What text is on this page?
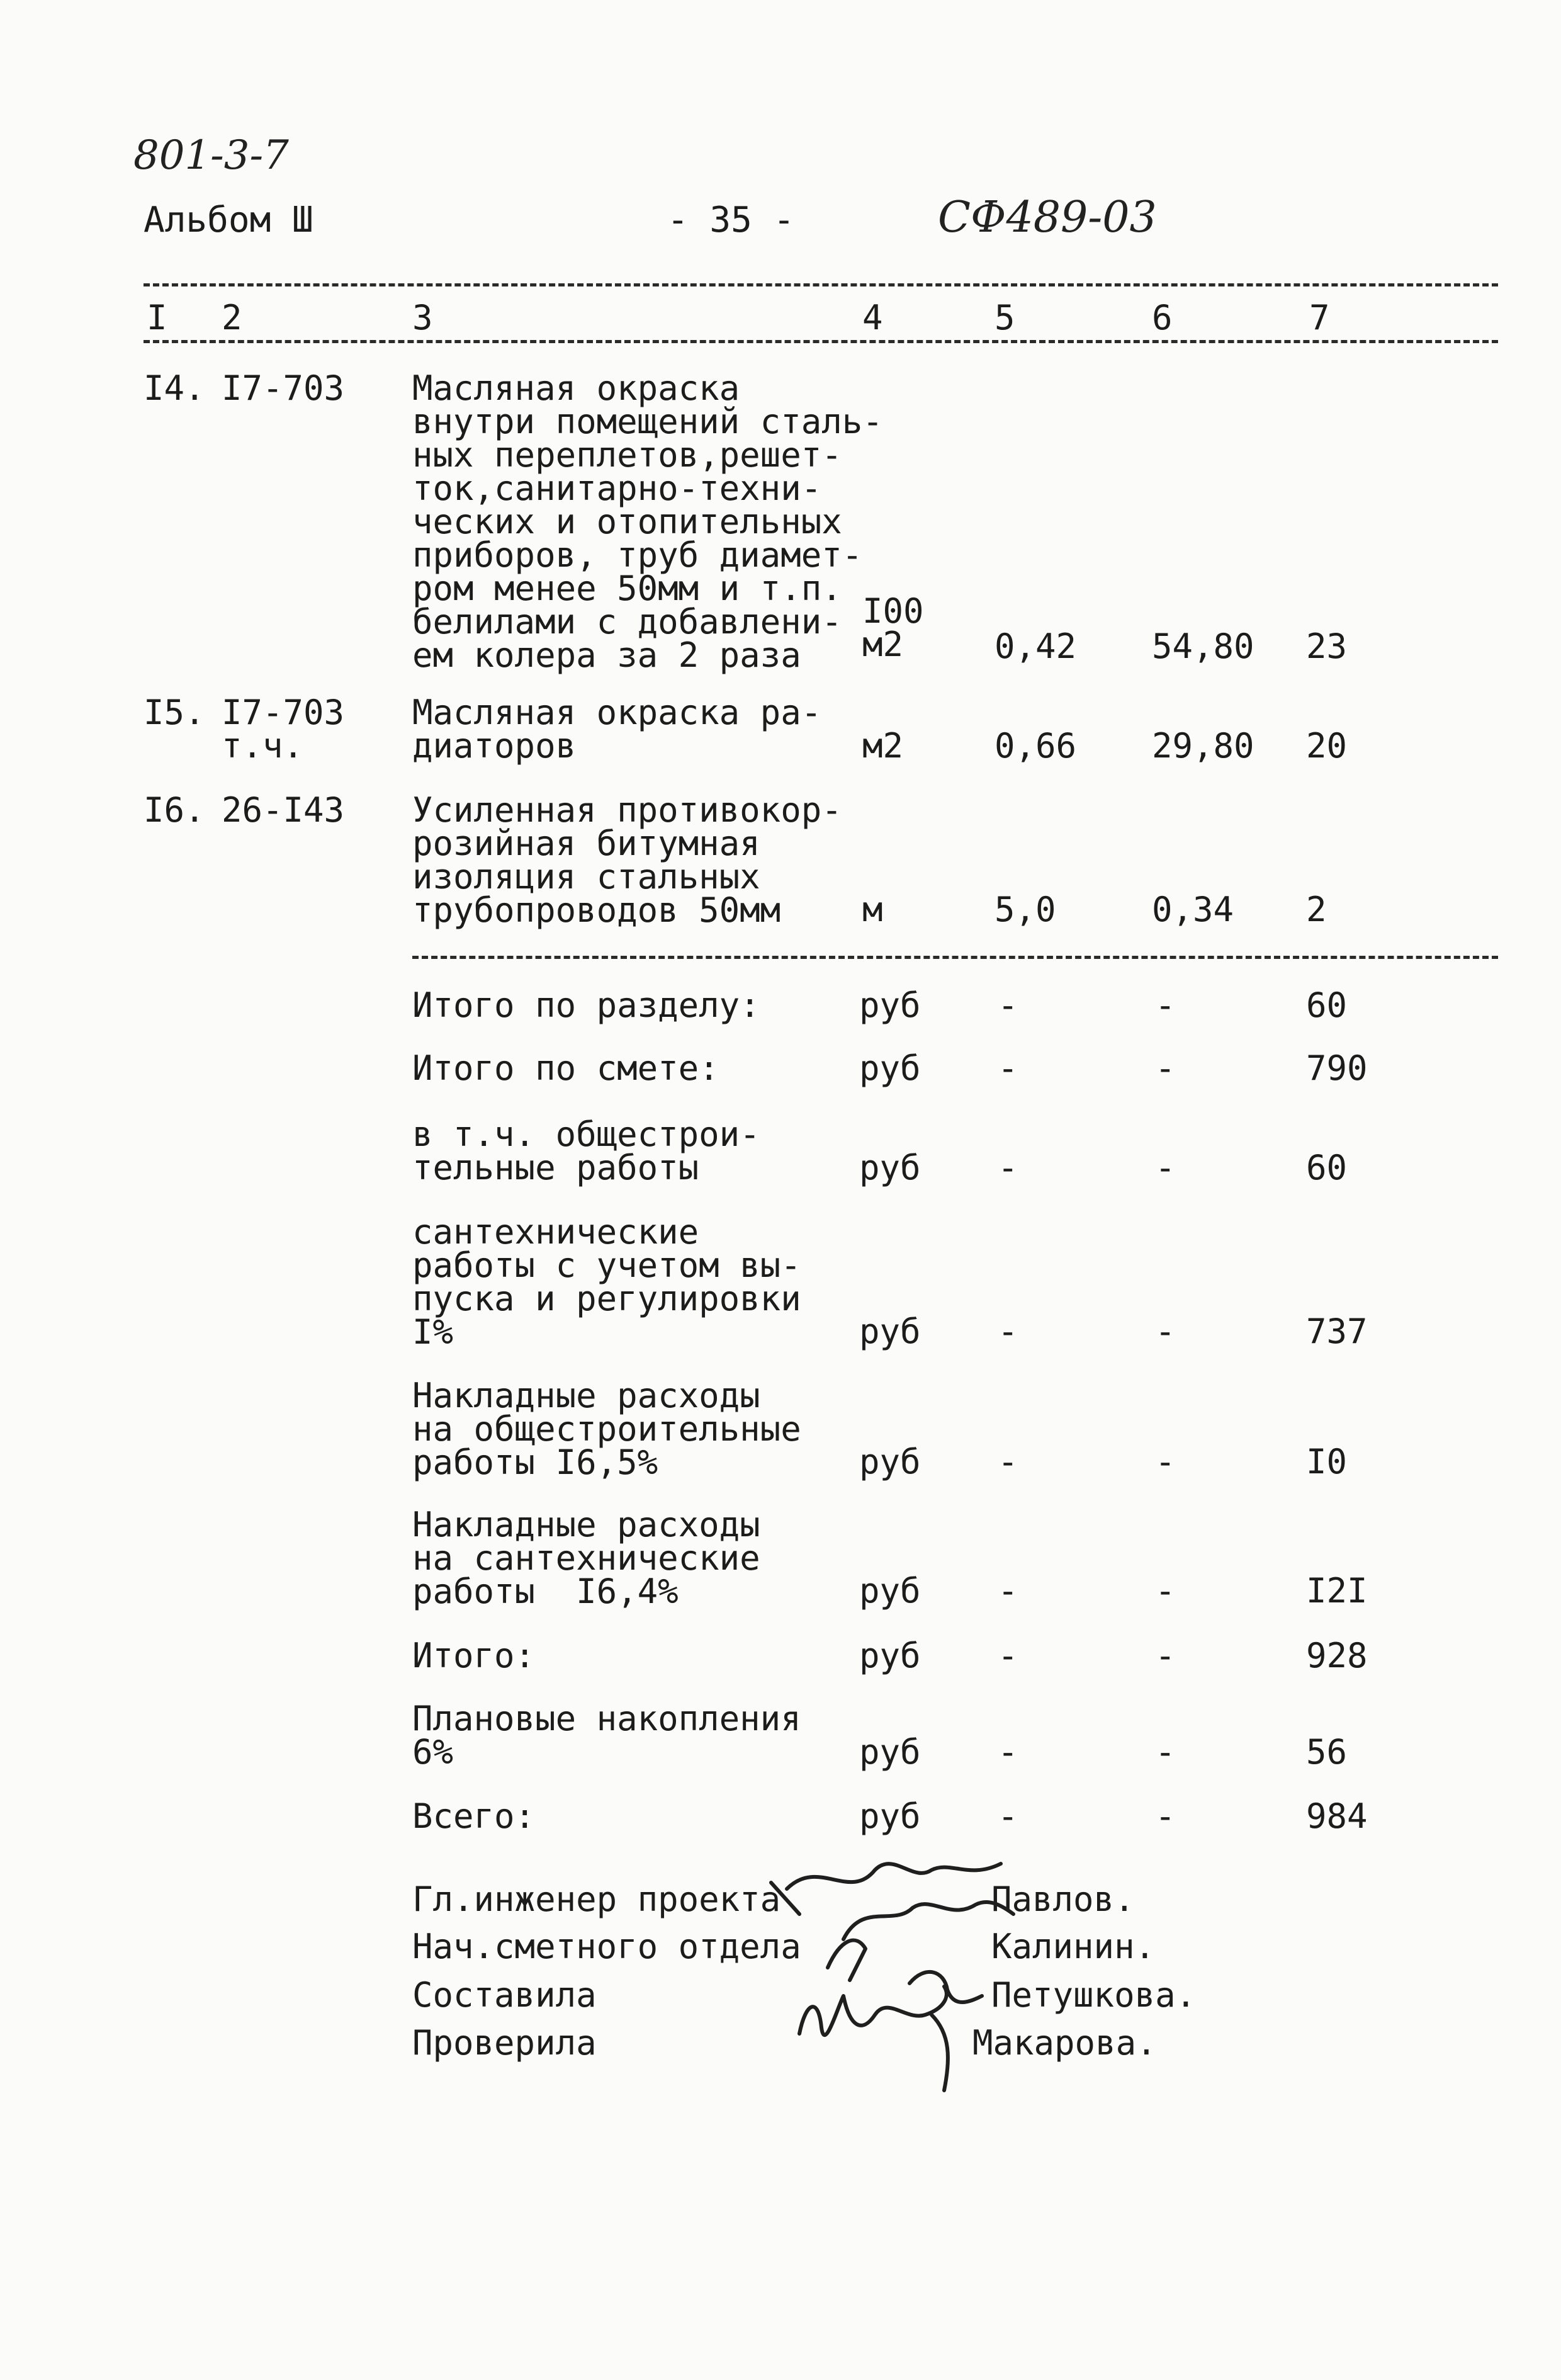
801-3-7
Альбом Ш	- 35 -	СФ489-03
I 2	3	4	5	6	7
I4. I7-703 Масляная окраска
внутри помещений сталь-
ных переплетов,решет-
ток,санитарно-техни-
ческих и отопительных
приборов, труб диамет-
ром менее 50мм и т.п.
белилами с добавлени-
ем колера за 2 раза
I00
м2	0,42 54,80 23
I5. I7-703
т.ч.
Масляная окраска ра-
диаторов	м2	0,66 29,80 20
I6. 26-I43 Усиленная противокор-
розийная битумная
изоляция стальных
трубопроводов 50мм	м	5,0	0,34 2
Итого по разделу:	руб -	-	60
Итого по смете:	руб -	-	790
в т.ч. общестрои-
тельные работы	руб -	-	60
сантехнические
работы с учетом вы-
пуска и регулировки
I%	руб -	-	737
Накладные расходы
на общестроительные
работы I6,5%	руб -	-	I0
Накладные расходы
на сантехнические
работы  I6,4%	руб -	-	I2I
Итого:	руб -	-	928
Плановые накопления
6%	руб -	-	56
Всего:	руб -	-	984
Гл.инженер проекта	Павлов.
Нач.сметного отдела	Калинин.
Составила	Петушкова.
Проверила	Макарова.
